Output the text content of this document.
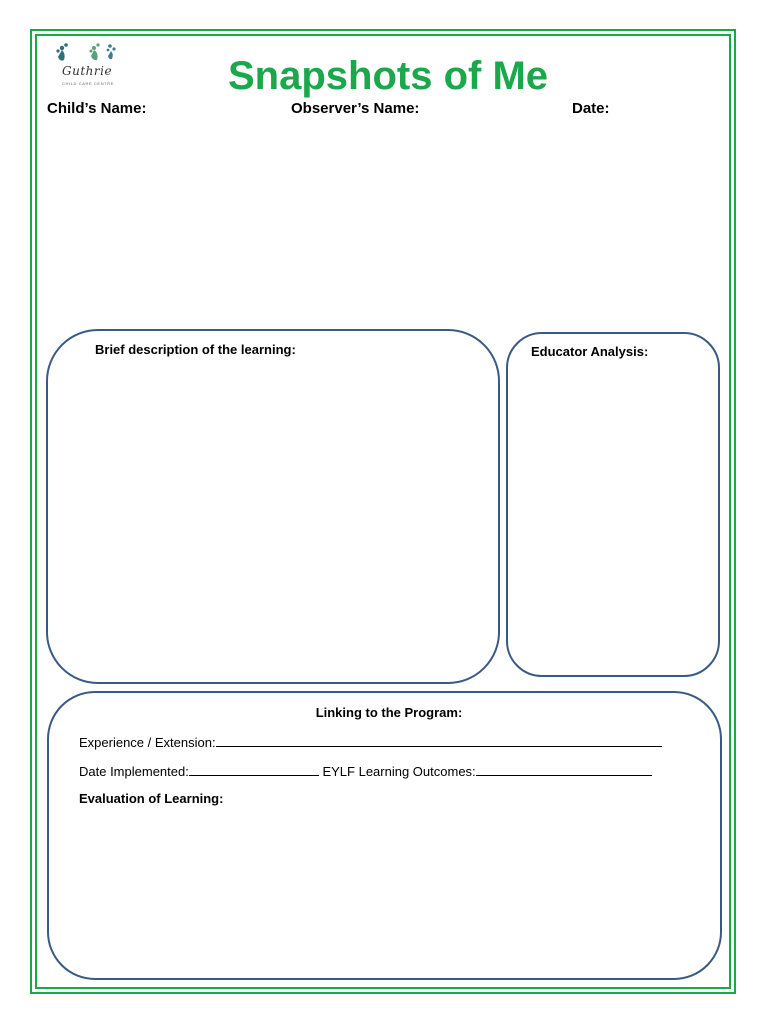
Guthrie
CHILD CARE CENTRE	Snapshots of Me
Child’s Name:	Observer’s Name:	Date:
Brief description of the learning:	Educator Analysis:
Linking to the Program:
Experience / Extension:
Date Implemented:	EYLF Learning Outcomes:
Evaluation of Learning:
